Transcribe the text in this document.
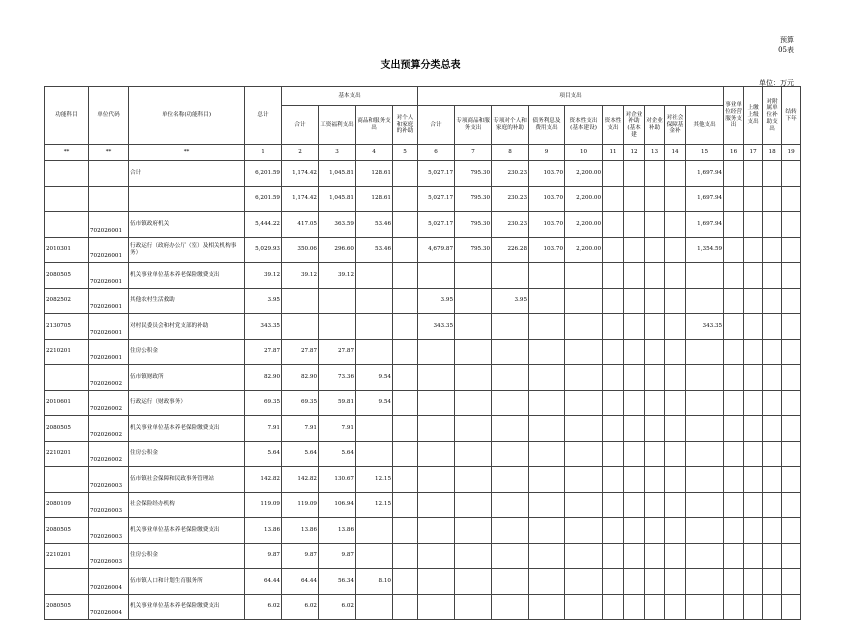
预算
05表
支出预算分类总表
单位：万元
功能科目	单位代码	单位名称(功能科目)	总计	基本支出				项目支出										事业单位经营服务支出	上缴上级支出	对附属单位补助支出	结转下年
				合计	工资福利支出	商品和服务支出	对个人和家庭的补助	合计	专项商品和服务支出	专项对个人和家庭的补助	债务利息及费用支出	资本性支出(基本建设)	资本性支出	对企业补助(基本建	对企业补助	对社会保障基金补	其他支出				
**	**	**	1	2	3	4	5	6	7	8	9	10	11	12	13	14	15	16	17	18	19
		合计	6,201.59	1,174.42	1,045.81	128.61		5,027.17	795.30	230.23	103.70	2,200.00					1,697.94				
			6,201.59	1,174.42	1,045.81	128.61		5,027.17	795.30	230.23	103.70	2,200.00					1,697.94				
	702026001	伍市镇政府机关	5,444.22	417.05	363.59	53.46		5,027.17	795.30	230.23	103.70	2,200.00					1,697.94				
2010301	702026001	行政运行（政府办公厅（室）及相关机构事务）	5,029.93	350.06	296.60	53.46		4,679.87	795.30	226.28	103.70	2,200.00					1,354.59				
2080505	702026001	机关事业单位基本养老保险缴费支出	39.12	39.12	39.12																
2082502	702026001	其他农村生活救助	3.95					3.95		3.95											
2130705	702026001	对村民委员会和村党支部的补助	343.35					343.35									343.35				
2210201	702026001	住房公积金	27.87	27.87	27.87																
	702026002	伍市镇财政所	82.90	82.90	73.36	9.54															
2010601	702026002	行政运行（财政事务）	69.35	69.35	59.81	9.54															
2080505	702026002	机关事业单位基本养老保险缴费支出	7.91	7.91	7.91																
2210201	702026002	住房公积金	5.64	5.64	5.64																
	702026003	伍市镇社会保障和民政事务管理站	142.82	142.82	130.67	12.15															
2080109	702026003	社会保险经办机构	119.09	119.09	106.94	12.15															
2080505	702026003	机关事业单位基本养老保险缴费支出	13.86	13.86	13.86																
2210201	702026003	住房公积金	9.87	9.87	9.87																
	702026004	伍市镇人口和计划生育服务所	64.44	64.44	56.34	8.10															
2080505	702026004	机关事业单位基本养老保险缴费支出	6.02	6.02	6.02																
